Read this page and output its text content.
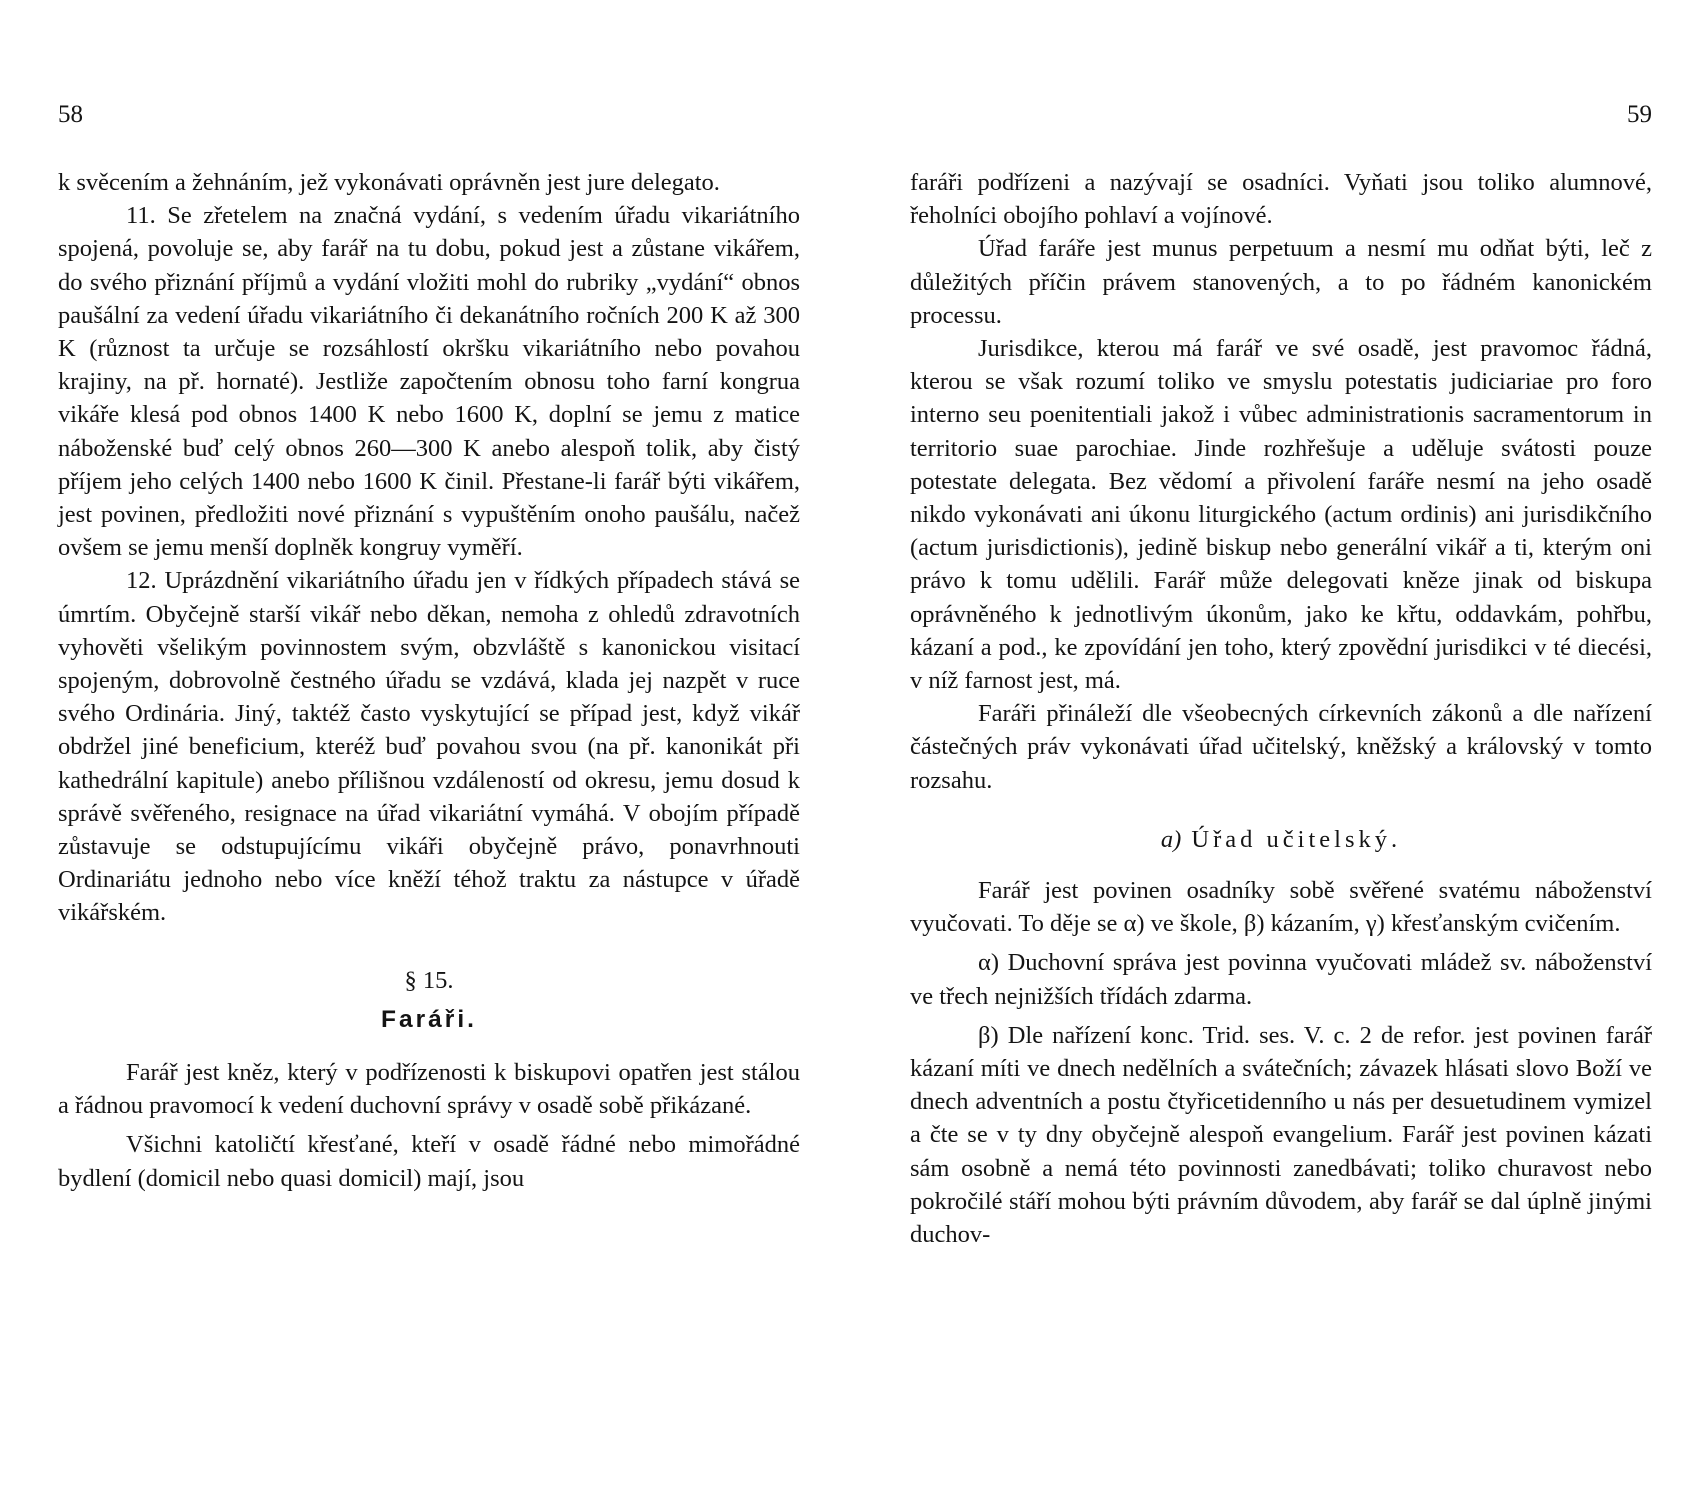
58

k svěcením a žehnáním, jež vykonávati oprávněn jest jure delegato.

11. Se zřetelem na značná vydání, s vedením úřadu vikariátního spojená, povoluje se, aby farář na tu dobu, pokud jest a zůstane vikářem, do svého přiznání příjmů a vydání vložiti mohl do rubriky „vydání“ obnos paušální za vedení úřadu vikariátního či dekanátního ročních 200 K až 300 K (různost ta určuje se rozsáhlostí okršku vikariátního nebo povahou krajiny, na př. hornaté). Jestliže započtením obnosu toho farní kongrua vikáře klesá pod obnos 1400 K nebo 1600 K, doplní se jemu z matice náboženské buď celý obnos 260—300 K anebo alespoň tolik, aby čistý příjem jeho celých 1400 nebo 1600 K činil. Přestane-li farář býti vikářem, jest povinen, předložiti nové přiznání s vypuštěním onoho paušálu, načež ovšem se jemu menší doplněk kongruy vyměří.

12. Uprázdnění vikariátního úřadu jen v řídkých případech stává se úmrtím. Obyčejně starší vikář nebo děkan, nemoha z ohledů zdravotních vyhověti všelikým povinnostem svým, obzvláště s kanonickou visitací spojeným, dobrovolně čestného úřadu se vzdává, klada jej nazpět v ruce svého Ordinária. Jiný, taktéž často vyskytující se případ jest, když vikář obdržel jiné beneficium, kteréž buď povahou svou (na př. kanonikát při kathedrální kapitule) anebo přílišnou vzdáleností od okresu, jemu dosud k správě svěřeného, resignace na úřad vikariátní vymáhá. V obojím případě zůstavuje se odstupujícímu vikáři obyčejně právo, ponavrhnouti Ordinariátu jednoho nebo více kněží téhož traktu za nástupce v úřadě vikářském.

§ 15.

Faráři.

Farář jest kněz, který v podřízenosti k biskupovi opatřen jest stálou a řádnou pravomocí k vedení duchovní správy v osadě sobě přikázané.

Všichni katoličtí křesťané, kteří v osadě řádné nebo mimořádné bydlení (domicil nebo quasi domicil) mají, jsou

59

faráři podřízeni a nazývají se osadníci. Vyňati jsou toliko alumnové, řeholníci obojího pohlaví a vojínové.

Úřad faráře jest munus perpetuum a nesmí mu odňat býti, leč z důležitých příčin právem stanovených, a to po řádném kanonickém processu.

Jurisdikce, kterou má farář ve své osadě, jest pravomoc řádná, kterou se však rozumí toliko ve smyslu potestatis judiciariae pro foro interno seu poenitentiali jakož i vůbec administrationis sacramentorum in territorio suae parochiae. Jinde rozhřešuje a uděluje svátosti pouze potestate delegata. Bez vědomí a přivolení faráře nesmí na jeho osadě nikdo vykonávati ani úkonu liturgického (actum ordinis) ani jurisdikčního (actum jurisdictionis), jedině biskup nebo generální vikář a ti, kterým oni právo k tomu udělili. Farář může delegovati kněze jinak od biskupa oprávněného k jednotlivým úkonům, jako ke křtu, oddavkám, pohřbu, kázaní a pod., ke zpovídání jen toho, který zpovědní jurisdikci v té diecési, v níž farnost jest, má.

Faráři přináleží dle všeobecných církevních zákonů a dle nařízení částečných práv vykonávati úřad učitelský, kněžský a královský v tomto rozsahu.

a) Úřad učitelský.

Farář jest povinen osadníky sobě svěřené svatému náboženství vyučovati. To děje se α) ve škole, β) kázaním, γ) křesťanským cvičením.

α) Duchovní správa jest povinna vyučovati mládež sv. náboženství ve třech nejnižších třídách zdarma.

β) Dle nařízení konc. Trid. ses. V. c. 2 de refor. jest povinen farář kázaní míti ve dnech nedělních a svátečních; závazek hlásati slovo Boží ve dnech adventních a postu čtyřicetidenního u nás per desuetudinem vymizel a čte se v ty dny obyčejně alespoň evangelium. Farář jest povinen kázati sám osobně a nemá této povinnosti zanedbávati; toliko churavost nebo pokročilé stáří mohou býti právním důvodem, aby farář se dal úplně jinými duchov-
